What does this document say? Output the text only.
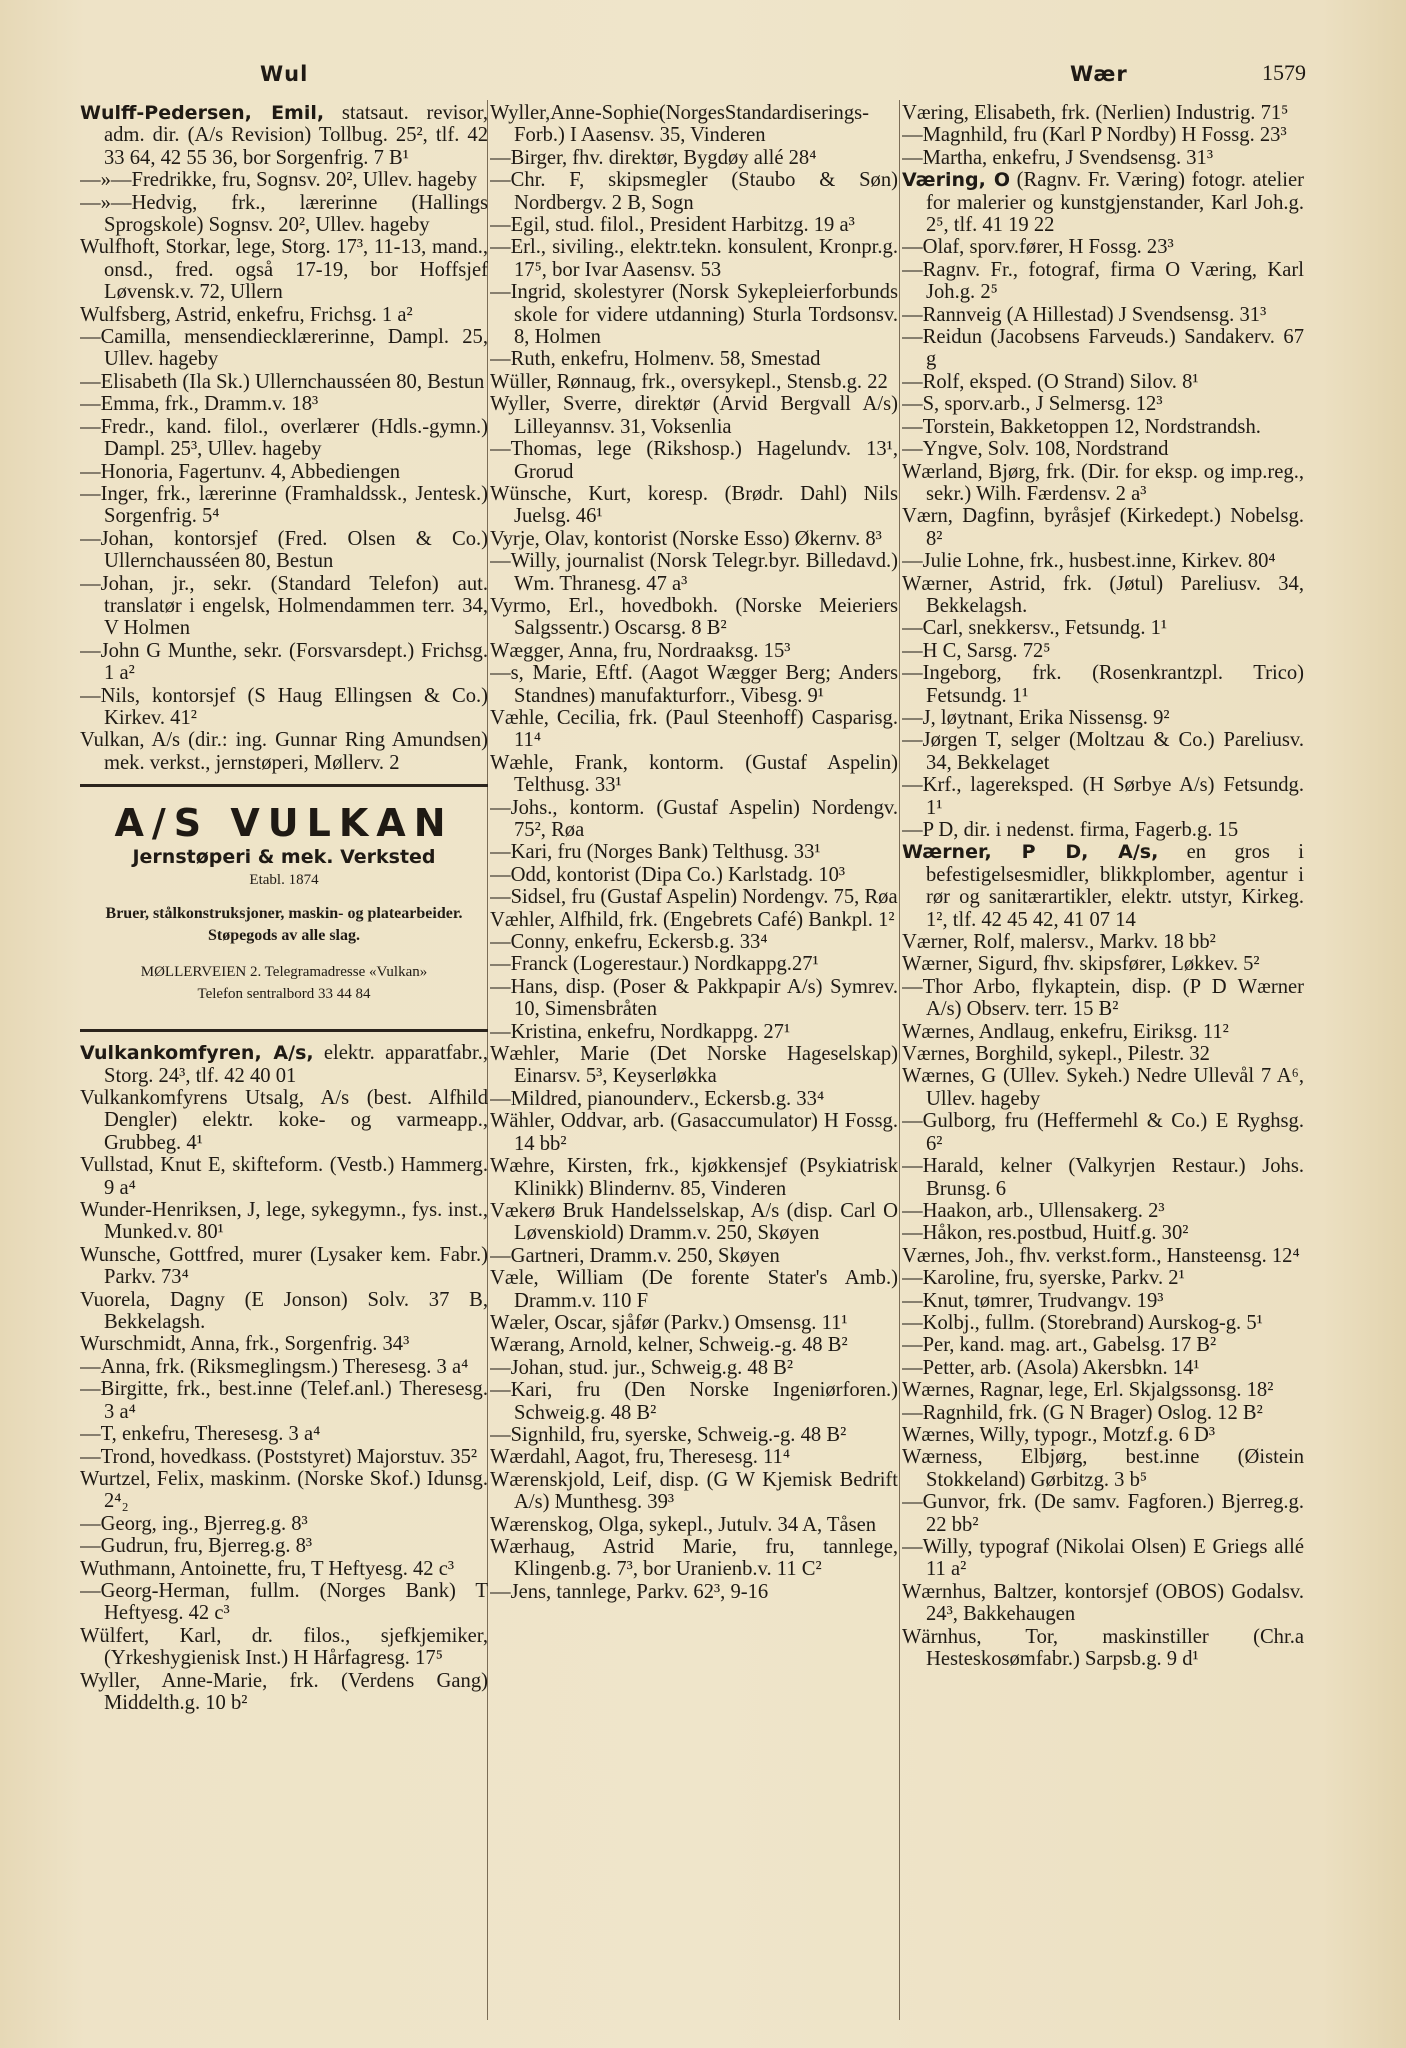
Wul	Wær	1579
Wulff-Pedersen, Emil, statsaut. revisor, adm. dir. (A/s Revision) Tollbug. 25², tlf. 42 33 64, 42 55 36, bor Sorgenfrig. 7 B¹
—»—Fredrikke, fru, Sognsv. 20², Ullev. hageby
—»—Hedvig, frk., lærerinne (Hallings Sprogskole) Sognsv. 20², Ullev. hageby
Wulfhoft, Storkar, lege, Storg. 17³, 11-13, mand., onsd., fred. også 17-19, bor Hoffsjef Løvensk.v. 72, Ullern
Wulfsberg, Astrid, enkefru, Frichsg. 1 a²
—Camilla, mensendiecklærerinne, Dampl. 25, Ullev. hageby
—Elisabeth (Ila Sk.) Ullernchausséen 80, Bestun
—Emma, frk., Dramm.v. 18³
—Fredr., kand. filol., overlærer (Hdls.-gymn.) Dampl. 25³, Ullev. hageby
—Honoria, Fagertunv. 4, Abbediengen
—Inger, frk., lærerinne (Framhaldssk., Jentesk.) Sorgenfrig. 5⁴
—Johan, kontorsjef (Fred. Olsen & Co.) Ullernchausséen 80, Bestun
—Johan, jr., sekr. (Standard Telefon) aut. translatør i engelsk, Holmendammen terr. 34, V Holmen
—John G Munthe, sekr. (Forsvarsdept.) Frichsg. 1 a²
—Nils, kontorsjef (S Haug Ellingsen & Co.) Kirkev. 41²
Vulkan, A/s (dir.: ing. Gunnar Ring Amundsen) mek. verkst., jernstøperi, Møllerv. 2
A/S VULKAN
Jernstøperi & mek. Verksted
Etabl. 1874
Bruer, stålkonstruksjoner, maskin- og platearbeider. Støpegods av alle slag.
MØLLERVEIEN 2. Telegramadresse «Vulkan»
Telefon sentralbord 33 44 84
Vulkankomfyren, A/s, elektr. apparatfabr., Storg. 24³, tlf. 42 40 01
Vulkankomfyrens Utsalg, A/s (best. Alfhild Dengler) elektr. koke- og varmeapp., Grubbeg. 4¹
Vullstad, Knut E, skifteform. (Vestb.) Hammerg. 9 a⁴
Wunder-Henriksen, J, lege, sykegymn., fys. inst., Munked.v. 80¹
Wunsche, Gottfred, murer (Lysaker kem. Fabr.) Parkv. 73⁴
Vuorela, Dagny (E Jonson) Solv. 37 B, Bekkelagsh.
Wurschmidt, Anna, frk., Sorgenfrig. 34³
—Anna, frk. (Riksmeglingsm.) Theresesg. 3 a⁴
—Birgitte, frk., best.inne (Telef.anl.) Theresesg. 3 a⁴
—T, enkefru, Theresesg. 3 a⁴
—Trond, hovedkass. (Poststyret) Majorstuv. 35²
Wurtzel, Felix, maskinm. (Norske Skof.) Idunsg. 2⁴₂
—Georg, ing., Bjerreg.g. 8³
—Gudrun, fru, Bjerreg.g. 8³
Wuthmann, Antoinette, fru, T Heftyesg. 42 c³
—Georg-Herman, fullm. (Norges Bank) T Heftyesg. 42 c³
Wülfert, Karl, dr. filos., sjefkjemiker, (Yrkeshygienisk Inst.) H Hårfagresg. 17⁵
Wyller, Anne-Marie, frk. (Verdens Gang) Middelth.g. 10 b²
Wyller,Anne-Sophie(NorgesStandardiserings-Forb.) I Aasensv. 35, Vinderen
—Birger, fhv. direktør, Bygdøy allé 28⁴
—Chr. F, skipsmegler (Staubo & Søn) Nordbergv. 2 B, Sogn
—Egil, stud. filol., President Harbitzg. 19 a³
—Erl., siviling., elektr.tekn. konsulent, Kronpr.g. 17⁵, bor Ivar Aasensv. 53
—Ingrid, skolestyrer (Norsk Sykepleierforbunds skole for videre utdanning) Sturla Tordsonsv. 8, Holmen
—Ruth, enkefru, Holmenv. 58, Smestad
Wüller, Rønnaug, frk., oversykepl., Stensb.g. 22
Wyller, Sverre, direktør (Arvid Bergvall A/s) Lilleyannsv. 31, Voksenlia
—Thomas, lege (Rikshosp.) Hagelundv. 13¹, Grorud
Wünsche, Kurt, koresp. (Brødr. Dahl) Nils Juelsg. 46¹
Vyrje, Olav, kontorist (Norske Esso) Økernv. 8³
—Willy, journalist (Norsk Telegr.byr. Billedavd.) Wm. Thranesg. 47 a³
Vyrmo, Erl., hovedbokh. (Norske Meieriers Salgssentr.) Oscarsg. 8 B²
Wægger, Anna, fru, Nordraaksg. 15³
—s, Marie, Eftf. (Aagot Wægger Berg; Anders Standnes) manufakturforr., Vibesg. 9¹
Væhle, Cecilia, frk. (Paul Steenhoff) Casparisg. 11⁴
Wæhle, Frank, kontorm. (Gustaf Aspelin) Telthusg. 33¹
—Johs., kontorm. (Gustaf Aspelin) Nordengv. 75², Røa
—Kari, fru (Norges Bank) Telthusg. 33¹
—Odd, kontorist (Dipa Co.) Karlstadg. 10³
—Sidsel, fru (Gustaf Aspelin) Nordengv. 75, Røa
Væhler, Alfhild, frk. (Engebrets Café) Bankpl. 1²
—Conny, enkefru, Eckersb.g. 33⁴
—Franck (Logerestaur.) Nordkappg.27¹
—Hans, disp. (Poser & Pakkpapir A/s) Symrev. 10, Simensbråten
—Kristina, enkefru, Nordkappg. 27¹
Wæhler, Marie (Det Norske Hageselskap) Einarsv. 5³, Keyserløkka
—Mildred, pianounderv., Eckersb.g. 33⁴
Wähler, Oddvar, arb. (Gasaccumulator) H Fossg. 14 bb²
Wæhre, Kirsten, frk., kjøkkensjef (Psykiatrisk Klinikk) Blindernv. 85, Vinderen
Vækerø Bruk Handelsselskap, A/s (disp. Carl O Løvenskiold) Dramm.v. 250, Skøyen
—Gartneri, Dramm.v. 250, Skøyen
Væle, William (De forente Stater's Amb.) Dramm.v. 110 F
Wæler, Oscar, sjåfør (Parkv.) Omsensg. 11¹
Wærang, Arnold, kelner, Schweig.-g. 48 B²
—Johan, stud. jur., Schweig.g. 48 B²
—Kari, fru (Den Norske Ingeniørforen.) Schweig.g. 48 B²
—Signhild, fru, syerske, Schweig.-g. 48 B²
Wærdahl, Aagot, fru, Theresesg. 11⁴
Wærenskjold, Leif, disp. (G W Kjemisk Bedrift A/s) Munthesg. 39³
Wærenskog, Olga, sykepl., Jutulv. 34 A, Tåsen
Wærhaug, Astrid Marie, fru, tannlege, Klingenb.g. 7³, bor Uranienb.v. 11 C²
—Jens, tannlege, Parkv. 62³, 9-16
Væring, Elisabeth, frk. (Nerlien) Industrig. 71⁵
—Magnhild, fru (Karl P Nordby) H Fossg. 23³
—Martha, enkefru, J Svendsensg. 31³
Væring, O (Ragnv. Fr. Væring) fotogr. atelier for malerier og kunstgjenstander, Karl Joh.g. 2⁵, tlf. 41 19 22
—Olaf, sporv.fører, H Fossg. 23³
—Ragnv. Fr., fotograf, firma O Væring, Karl Joh.g. 2⁵
—Rannveig (A Hillestad) J Svendsensg. 31³
—Reidun (Jacobsens Farveuds.) Sandakerv. 67 g
—Rolf, eksped. (O Strand) Silov. 8¹
—S, sporv.arb., J Selmersg. 12³
—Torstein, Bakketoppen 12, Nordstrandsh.
—Yngve, Solv. 108, Nordstrand
Wærland, Bjørg, frk. (Dir. for eksp. og imp.reg., sekr.) Wilh. Færdensv. 2 a³
Værn, Dagfinn, byråsjef (Kirkedept.) Nobelsg. 8²
—Julie Lohne, frk., husbest.inne, Kirkev. 80⁴
Wærner, Astrid, frk. (Jøtul) Pareliusv. 34, Bekkelagsh.
—Carl, snekkersv., Fetsundg. 1¹
—H C, Sarsg. 72⁵
—Ingeborg, frk. (Rosenkrantzpl. Trico) Fetsundg. 1¹
—J, løytnant, Erika Nissensg. 9²
—Jørgen T, selger (Moltzau & Co.) Pareliusv. 34, Bekkelaget
—Krf., lagereksped. (H Sørbye A/s) Fetsundg. 1¹
—P D, dir. i nedenst. firma, Fagerb.g. 15
Wærner, P D, A/s, en gros i befestigelsesmidler, blikkplomber, agentur i rør og sanitærartikler, elektr. utstyr, Kirkeg. 1², tlf. 42 45 42, 41 07 14
Værner, Rolf, malersv., Markv. 18 bb²
Wærner, Sigurd, fhv. skipsfører, Løkkev. 5²
—Thor Arbo, flykaptein, disp. (P D Wærner A/s) Observ. terr. 15 B²
Wærnes, Andlaug, enkefru, Eiriksg. 11²
Værnes, Borghild, sykepl., Pilestr. 32
Wærnes, G (Ullev. Sykeh.) Nedre Ullevål 7 A⁶, Ullev. hageby
—Gulborg, fru (Heffermehl & Co.) E Ryghsg. 6²
—Harald, kelner (Valkyrjen Restaur.) Johs. Brunsg. 6
—Haakon, arb., Ullensakerg. 2³
—Håkon, res.postbud, Huitf.g. 30²
Værnes, Joh., fhv. verkst.form., Hansteensg. 12⁴
—Karoline, fru, syerske, Parkv. 2¹
—Knut, tømrer, Trudvangv. 19³
—Kolbj., fullm. (Storebrand) Aurskog-g. 5¹
—Per, kand. mag. art., Gabelsg. 17 B²
—Petter, arb. (Asola) Akersbkn. 14¹
Wærnes, Ragnar, lege, Erl. Skjalgssonsg. 18²
—Ragnhild, frk. (G N Brager) Oslog. 12 B²
Wærnes, Willy, typogr., Motzf.g. 6 D³
Wærness, Elbjørg, best.inne (Øistein Stokkeland) Gørbitzg. 3 b⁵
—Gunvor, frk. (De samv. Fagforen.) Bjerreg.g. 22 bb²
—Willy, typograf (Nikolai Olsen) E Griegs allé 11 a²
Wærnhus, Baltzer, kontorsjef (OBOS) Godalsv. 24³, Bakkehaugen
Wärnhus, Tor, maskinstiller (Chr.a Hesteskosømfabr.) Sarpsb.g. 9 d¹
